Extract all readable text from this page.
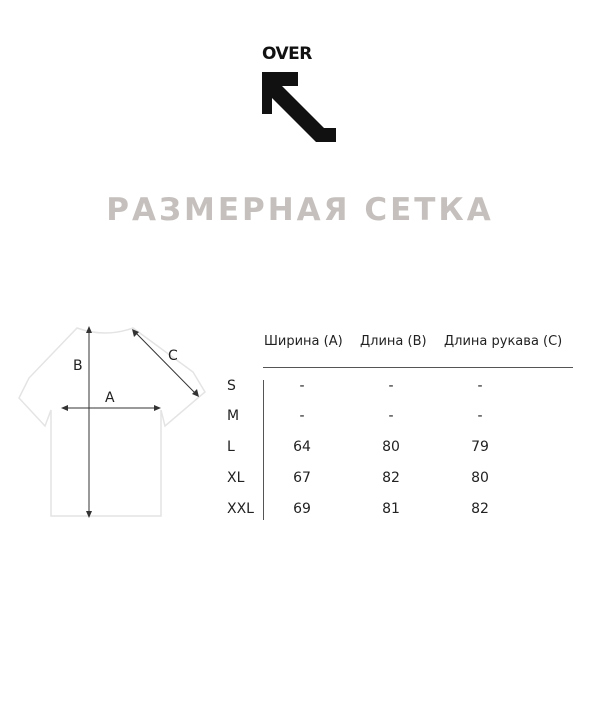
OVER
РАЗМЕРНАЯ СЕТКА
B
A
C
Ширина (A) Длина (B) Длина рукава (C)
S	-	-	-
M	-	-	-
L	64	80	79
XL	67	82	80
XXL	69	81	82
